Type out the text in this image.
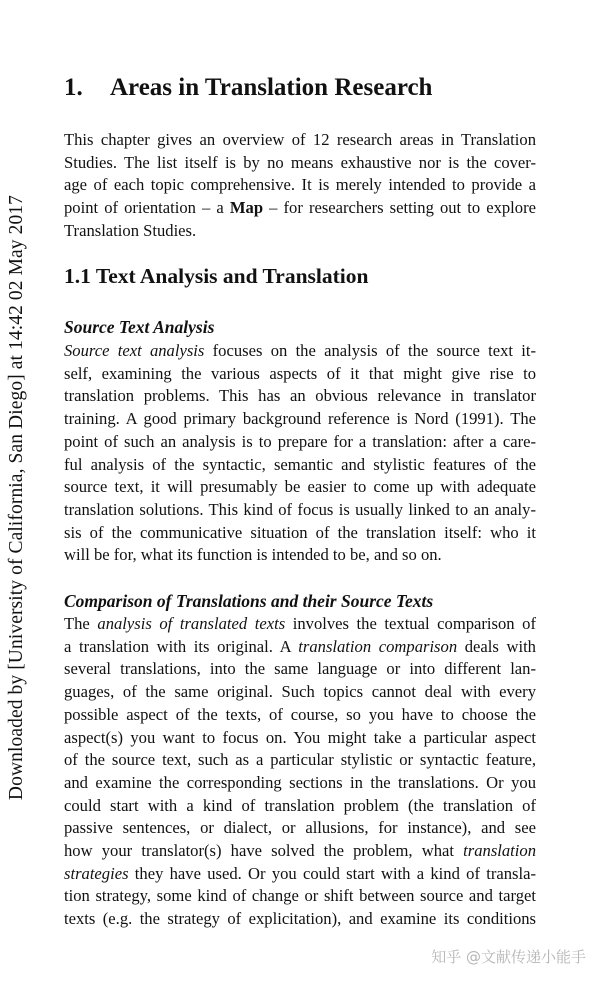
Downloaded by [University of California, San Diego] at 14:42 02 May 2017
1. Areas in Translation Research

This chapter gives an overview of 12 research areas in Translation
Studies. The list itself is by no means exhaustive nor is the cover-
age of each topic comprehensive. It is merely intended to provide a
point of orientation – a Map – for researchers setting out to explore
Translation Studies.

1.1 Text Analysis and Translation
Source Text Analysis

Source text analysis focuses on the analysis of the source text it-
self, examining the various aspects of it that might give rise to
translation problems. This has an obvious relevance in translator
training. A good primary background reference is Nord (1991). The
point of such an analysis is to prepare for a translation: after a care-
ful analysis of the syntactic, semantic and stylistic features of the
source text, it will presumably be easier to come up with adequate
translation solutions. This kind of focus is usually linked to an analy-
sis of the communicative situation of the translation itself: who it
will be for, what its function is intended to be, and so on.

Comparison of Translations and their Source Texts

The analysis of translated texts involves the textual comparison of
a translation with its original. A translation comparison deals with
several translations, into the same language or into different lan-
guages, of the same original. Such topics cannot deal with every
possible aspect of the texts, of course, so you have to choose the
aspect(s) you want to focus on. You might take a particular aspect
of the source text, such as a particular stylistic or syntactic feature,
and examine the corresponding sections in the translations. Or you
could start with a kind of translation problem (the translation of
passive sentences, or dialect, or allusions, for instance), and see
how your translator(s) have solved the problem, what translation
strategies they have used. Or you could start with a kind of transla-
tion strategy, some kind of change or shift between source and target
texts (e.g. the strategy of explicitation), and examine its conditions

知乎 @文献传递小能手
